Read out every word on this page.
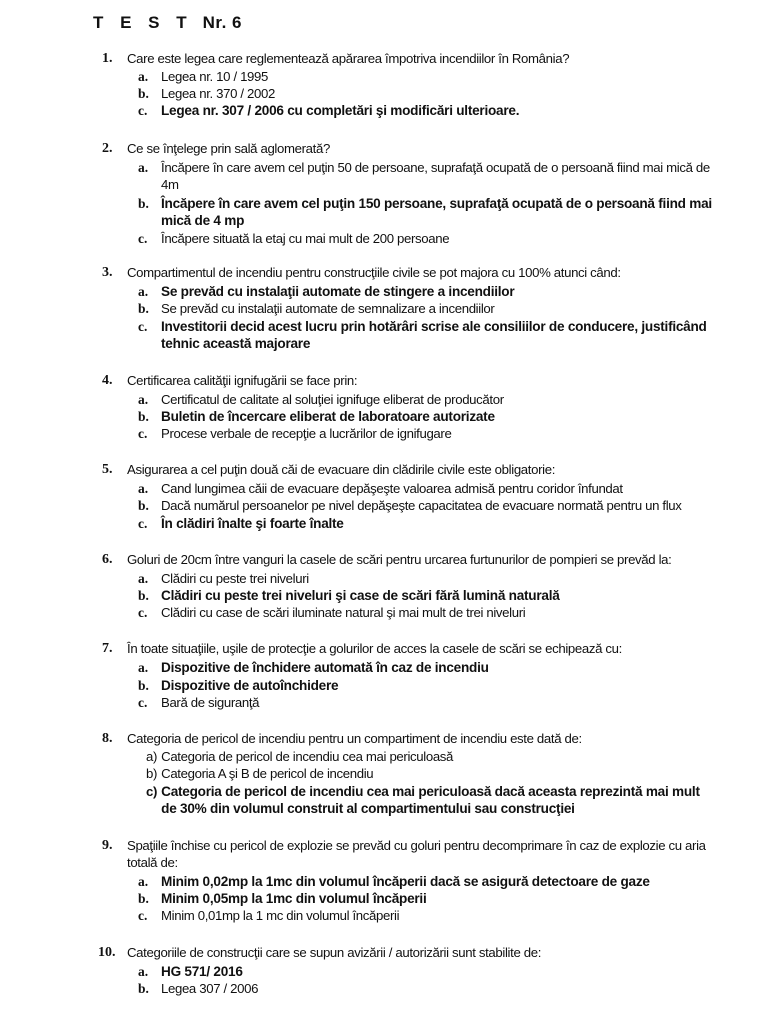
T E S T Nr. 6
1.	Care este legea care reglementează apărarea împotriva incendiilor în România?
a. Legea nr. 10 / 1995
b. Legea nr. 370 / 2002
c.	Legea nr. 307 / 2006 cu completări şi modificări ulterioare.
2.	Ce se înţelege prin sală aglomerată?
a. Încăpere în care avem cel puţin 50 de persoane, suprafaţă ocupată de o persoană fiind mai mică de 4m
b. Încăpere în care avem cel puţin 150 persoane, suprafaţă ocupată de o persoană fiind mai mică de 4 mp
c.	Încăpere situată la etaj cu mai mult de 200 persoane
3.	Compartimentul de incendiu pentru construcţiile civile se pot majora cu 100% atunci când:
a. Se prevăd cu instalaţii automate de stingere a incendiilor
b. Se prevăd cu instalaţii automate de semnalizare a incendiilor
c.	Investitorii decid acest lucru prin hotărâri scrise ale consiliilor de conducere, justificând tehnic această majorare
4.	Certificarea calităţii ignifugării se face prin:
a. Certificatul de calitate al soluţiei ignifuge eliberat de producător
b. Buletin de încercare eliberat de laboratoare autorizate
c.	Procese verbale de recepţie a lucrărilor de ignifugare
5.	Asigurarea a cel puţin două căi de evacuare din clădirile civile este obligatorie:
a. Cand lungimea căii de evacuare depăşeşte valoarea admisă pentru coridor înfundat
b. Dacă numărul persoanelor pe nivel depăşeşte capacitatea de evacuare normată pentru un flux
c.	În clădiri înalte şi foarte înalte
6.	Goluri de 20cm între vanguri la casele de scări pentru urcarea furtunurilor de pompieri se prevăd la:
a. Clădiri cu peste trei niveluri
b. Clădiri cu peste trei niveluri şi case de scări fără lumină naturală
c.	Clădiri cu case de scări iluminate natural şi mai mult de trei niveluri
7.	În toate situaţiile, uşile de protecţie a golurilor de acces la casele de scări se echipează cu:
a. Dispozitive de închidere automată în caz de incendiu
b. Dispozitive de autoînchidere
c.	Bară de siguranţă
8.	Categoria de pericol de incendiu pentru un compartiment de incendiu este dată de:
a) Categoria de pericol de incendiu cea mai periculoasă
b) Categoria A şi B de pericol de incendiu
c) Categoria de pericol de incendiu cea mai periculoasă dacă aceasta reprezintă mai mult de 30% din volumul construit al compartimentului sau construcţiei
9.	Spaţiile închise cu pericol de explozie se prevăd cu goluri pentru decomprimare în caz de explozie cu aria totală de:
a. Minim 0,02mp la 1mc din volumul încăperii dacă se asigură detectoare de gaze
b. Minim 0,05mp la 1mc din volumul încăperii
c.	Minim 0,01mp la 1 mc din volumul încăperii
10. Categoriile de construcţii care se supun avizării / autorizării sunt stabilite de:
a. HG 571/ 2016
b. Legea 307 / 2006
